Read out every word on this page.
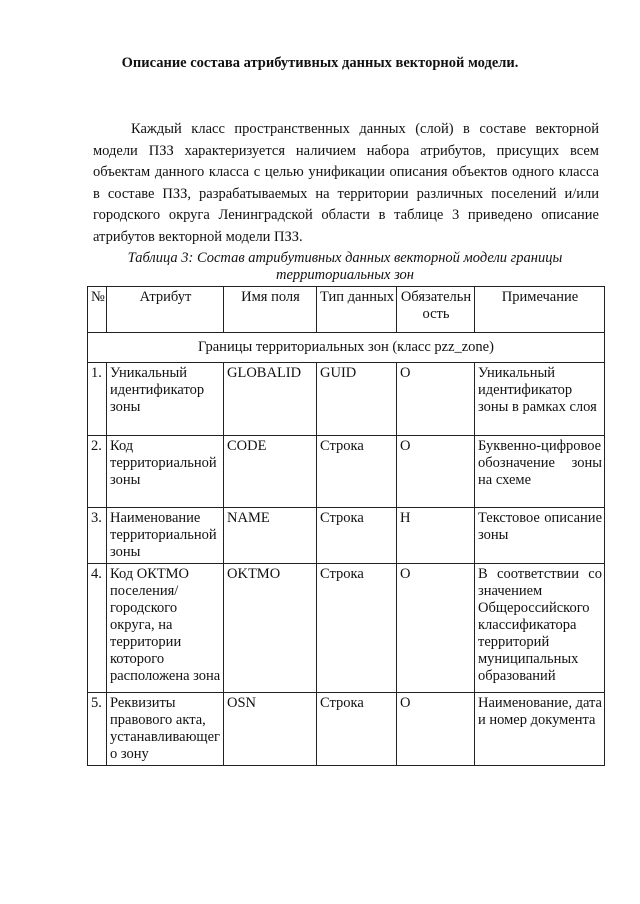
Описание состава атрибутивных данных векторной модели.

Каждый класс пространственных данных (слой) в составе векторной модели ПЗЗ характеризуется наличием набора атрибутов, присущих всем объектам данного класса с целью унификации описания объектов одного класса в составе ПЗЗ, разрабатываемых на территории различных поселений и/или городского округа Ленинградской области в таблице 3 приведено описание атрибутов векторной модели ПЗЗ.

Таблица 3: Состав атрибутивных данных векторной модели границы
территориальных зон
№	Атрибут	Имя поля	Тип данных	Обязательн ость	Примечание
Границы территориальных зон (класс pzz_zone)					
1.	Уникальный идентификатор зоны	GLOBALID	GUID	О	Уникальный идентификатор зоны в рамках слоя
2.	Код территориальной зоны	CODE	Строка	О	Буквенно-цифровое обозначение зоны на схеме
3.	Наименование территориальной зоны	NAME	Строка	Н	Текстовое описание зоны
4.	Код ОКТМО поселения/городского округа, на территории которого расположена зона	OKTMO	Строка	О	В соответствии со значением Общероссийского классификатора территорий муниципальных образований
5.	Реквизиты правового акта, устанавливающего зону	OSN	Строка	О	Наименование, дата и номер документа
